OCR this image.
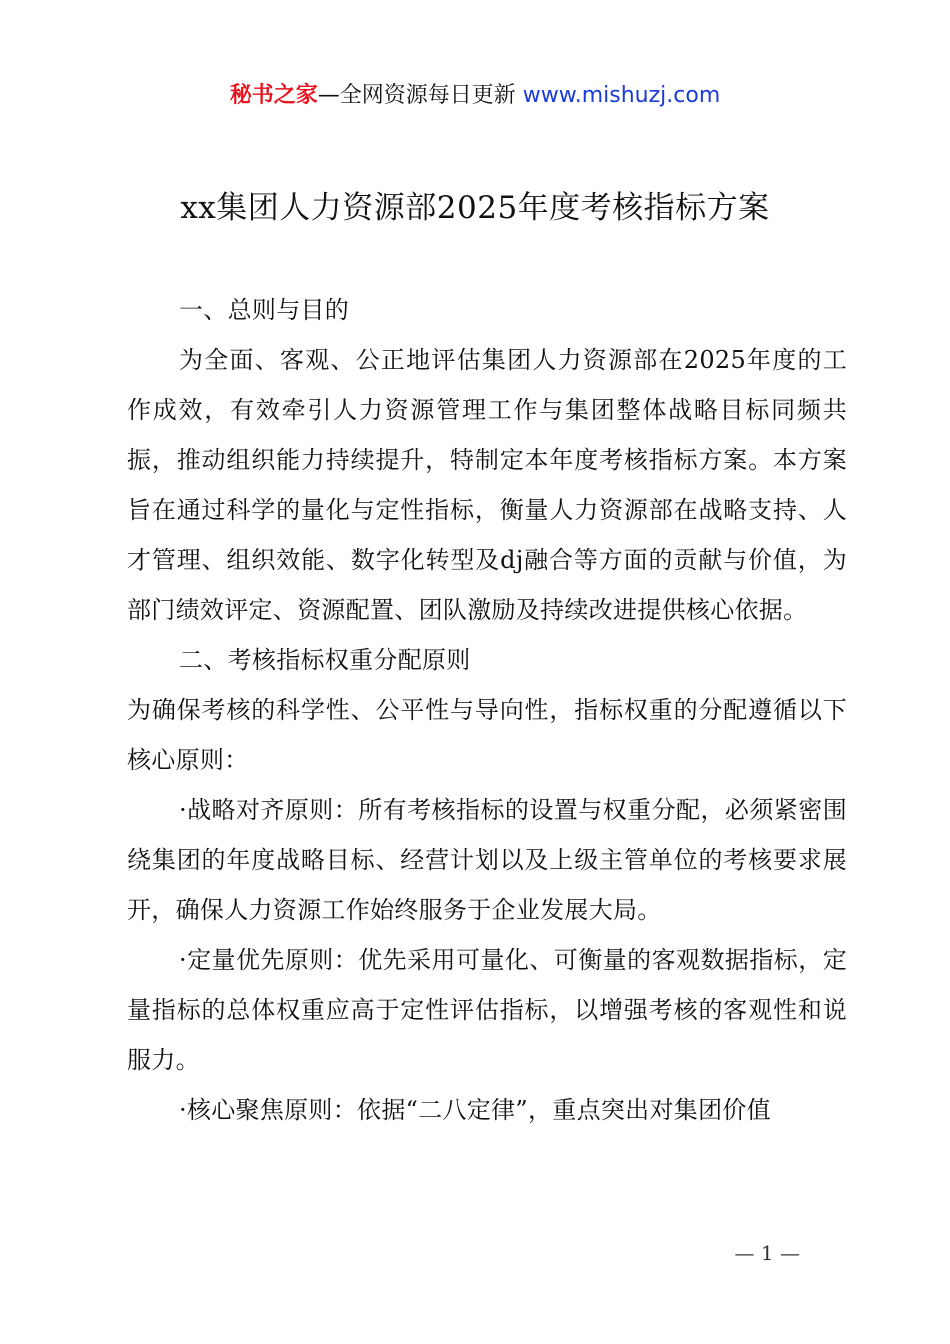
秘书之家—全网资源每日更新 www.mishuzj.com
xx集团人力资源部2025年度考核指标方案

一、总则与目的

为全面、客观、公正地评估集团人力资源部在2025年度的工作成效，有效牵引人力资源管理工作与集团整体战略目标同频共振，推动组织能力持续提升，特制定本年度考核指标方案。本方案旨在通过科学的量化与定性指标，衡量人力资源部在战略支持、人才管理、组织效能、数字化转型及dj融合等方面的贡献与价值，为部门绩效评定、资源配置、团队激励及持续改进提供核心依据。

二、考核指标权重分配原则

为确保考核的科学性、公平性与导向性，指标权重的分配遵循以下核心原则：

·战略对齐原则：所有考核指标的设置与权重分配，必须紧密围绕集团的年度战略目标、经营计划以及上级主管单位的考核要求展开，确保人力资源工作始终服务于企业发展大局。

·定量优先原则：优先采用可量化、可衡量的客观数据指标，定量指标的总体权重应高于定性评估指标，以增强考核的客观性和说服力。

·核心聚焦原则：依据“二八定律”，重点突出对集团价值

— 1 —
